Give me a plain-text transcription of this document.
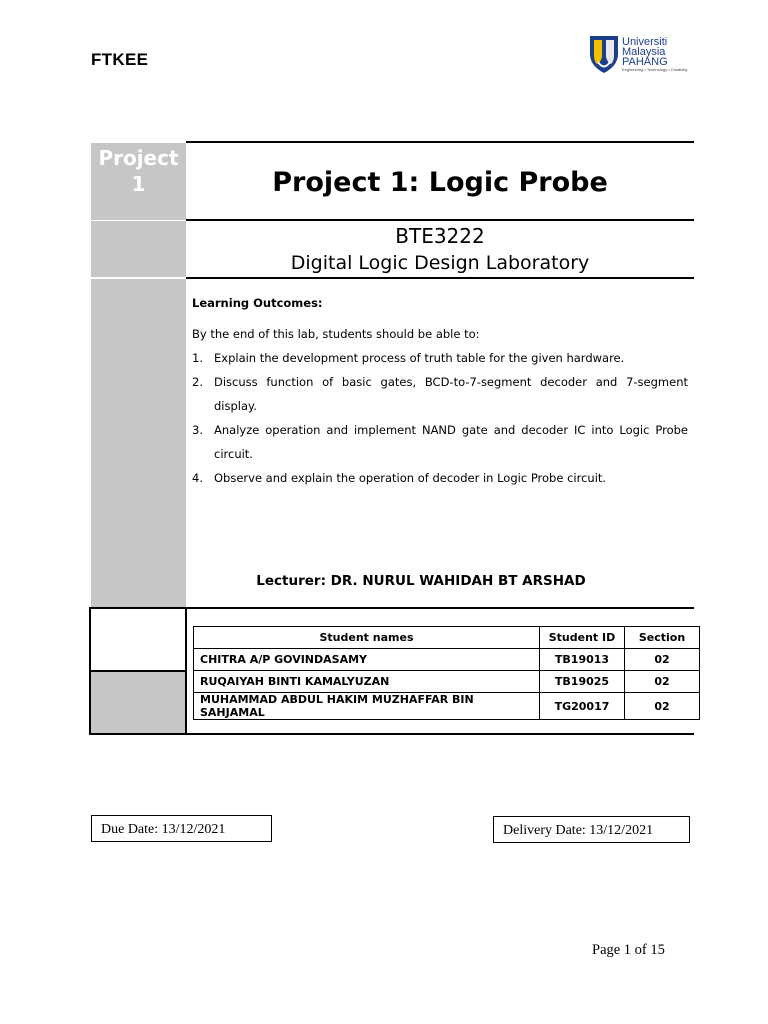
FTKEE
Universiti
Malaysia
PAHANG
Engineering • Technology • Creativity
Project
1	Project 1: Logic Probe
BTE3222
Digital Logic Design Laboratory
Learning Outcomes:
By the end of this lab, students should be able to:
1. Explain the development process of truth table for the given hardware.
2. Discuss function of basic gates, BCD-to-7-segment decoder and 7-segment display.
3. Analyze operation and implement NAND gate and decoder IC into Logic Probe circuit.
4. Observe and explain the operation of decoder in Logic Probe circuit.
Lecturer: DR. NURUL WAHIDAH BT ARSHAD
Student names	Student ID	Section
CHITRA A/P GOVINDASAMY	TB19013	02
RUQAIYAH BINTI KAMALYUZAN	TB19025	02
MUHAMMAD ABDUL HAKIM MUZHAFFAR BIN SAHJAMAL	TG20017	02
Due Date: 13/12/2021	Delivery Date: 13/12/2021
Page 1 of 15
